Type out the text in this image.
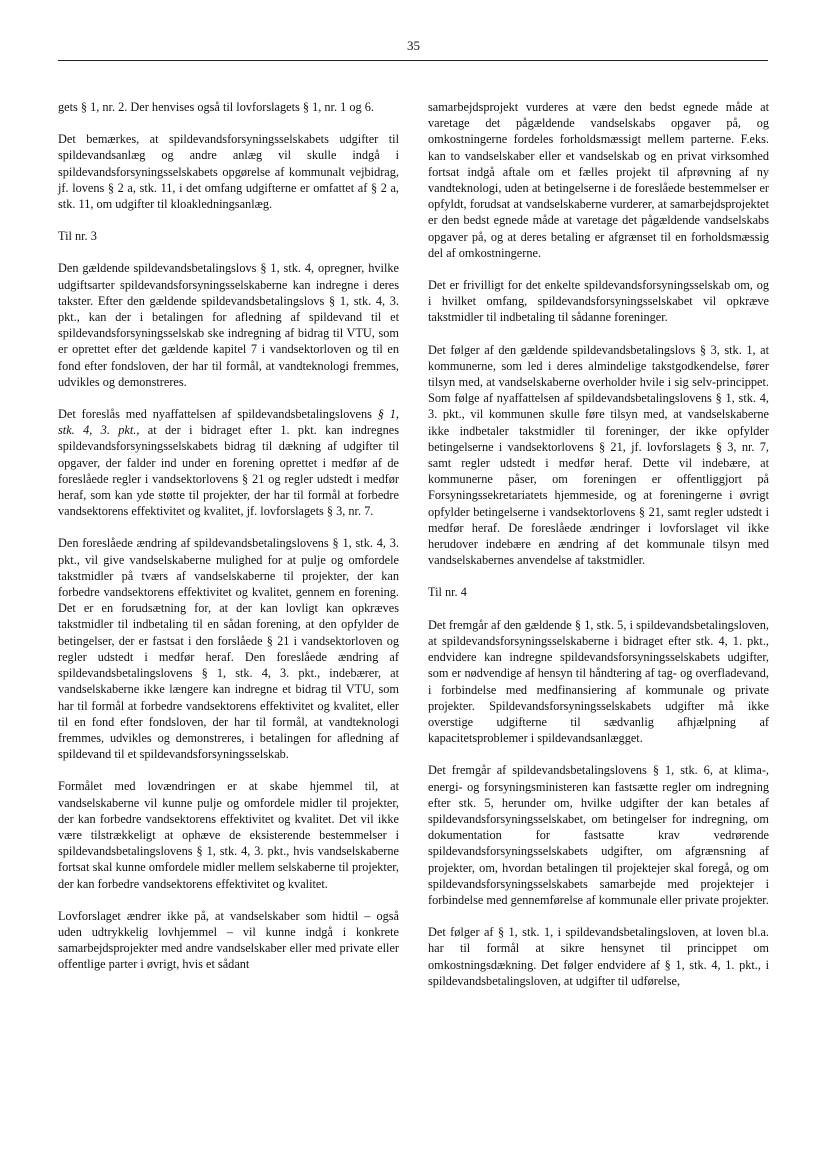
35

gets § 1, nr. 2. Der henvises også til lovforslagets § 1, nr. 1 og 6.

Det bemærkes, at spildevandsforsyningsselskabets udgifter til spildevandsanlæg og andre anlæg vil skulle indgå i spildevandsforsyningsselskabets opgørelse af kommunalt vejbidrag, jf. lovens § 2 a, stk. 11, i det omfang udgifterne er omfattet af § 2 a, stk. 11, om udgifter til kloakledningsanlæg.

Til nr. 3

Den gældende spildevandsbetalingslovs § 1, stk. 4, opregner, hvilke udgiftsarter spildevandsforsyningsselskaberne kan indregne i deres takster. Efter den gældende spildevandsbetalingslovs § 1, stk. 4, 3. pkt., kan der i betalingen for afledning af spildevand til et spildevandsforsyningsselskab ske indregning af bidrag til VTU, som er oprettet efter det gældende kapitel 7 i vandsektorloven og til en fond efter fondsloven, der har til formål, at vandteknologi fremmes, udvikles og demonstreres.

Det foreslås med nyaffattelsen af spildevandsbetalingslovens § 1, stk. 4, 3. pkt., at der i bidraget efter 1. pkt. kan indregnes spildevandsforsyningsselskabets bidrag til dækning af udgifter til opgaver, der falder ind under en forening oprettet i medfør af de foreslåede regler i vandsektorlovens § 21 og regler udstedt i medfør heraf, som kan yde støtte til projekter, der har til formål at forbedre vandsektorens effektivitet og kvalitet, jf. lovforslagets § 3, nr. 7.

Den foreslåede ændring af spildevandsbetalingslovens § 1, stk. 4, 3. pkt., vil give vandselskaberne mulighed for at pulje og omfordele takstmidler på tværs af vandselskaberne til projekter, der kan forbedre vandsektorens effektivitet og kvalitet, gennem en forening. Det er en forudsætning for, at der kan lovligt kan opkræves takstmidler til indbetaling til en sådan forening, at den opfylder de betingelser, der er fastsat i den forslåede § 21 i vandsektorloven og regler udstedt i medfør heraf. Den foreslåede ændring af spildevandsbetalingslovens § 1, stk. 4, 3. pkt., indebærer, at vandselskaberne ikke længere kan indregne et bidrag til VTU, som har til formål at forbedre vandsektorens effektivitet og kvalitet, eller til en fond efter fondsloven, der har til formål, at vandteknologi fremmes, udvikles og demonstreres, i betalingen for afledning af spildevand til et spildevandsforsyningsselskab.

Formålet med lovændringen er at skabe hjemmel til, at vandselskaberne vil kunne pulje og omfordele midler til projekter, der kan forbedre vandsektorens effektivitet og kvalitet. Det vil ikke være tilstrækkeligt at ophæve de eksisterende bestemmelser i spildevandsbetalingslovens § 1, stk. 4, 3. pkt., hvis vandselskaberne fortsat skal kunne omfordele midler mellem selskaberne til projekter, der kan forbedre vandsektorens effektivitet og kvalitet.

Lovforslaget ændrer ikke på, at vandselskaber som hidtil – også uden udtrykkelig lovhjemmel – vil kunne indgå i konkrete samarbejdsprojekter med andre vandselskaber eller med private eller offentlige parter i øvrigt, hvis et sådant

samarbejdsprojekt vurderes at være den bedst egnede måde at varetage det pågældende vandselskabs opgaver på, og omkostningerne fordeles forholdsmæssigt mellem parterne. F.eks. kan to vandselskaber eller et vandselskab og en privat virksomhed fortsat indgå aftale om et fælles projekt til afprøvning af ny vandteknologi, uden at betingelserne i de foreslåede bestemmelser er opfyldt, forudsat at vandselskaberne vurderer, at samarbejdsprojektet er den bedst egnede måde at varetage det pågældende vandselskabs opgaver på, og at deres betaling er afgrænset til en forholdsmæssig del af omkostningerne.

Det er frivilligt for det enkelte spildevandsforsyningsselskab om, og i hvilket omfang, spildevandsforsyningsselskabet vil opkræve takstmidler til indbetaling til sådanne foreninger.

Det følger af den gældende spildevandsbetalingslovs § 3, stk. 1, at kommunerne, som led i deres almindelige takstgodkendelse, fører tilsyn med, at vandselskaberne overholder hvile i sig selv-princippet. Som følge af nyaffattelsen af spildevandsbetalingslovens § 1, stk. 4, 3. pkt., vil kommunen skulle føre tilsyn med, at vandselskaberne ikke indbetaler takstmidler til foreninger, der ikke opfylder betingelserne i vandsektorlovens § 21, jf. lovforslagets § 3, nr. 7, samt regler udstedt i medfør heraf. Dette vil indebære, at kommunerne påser, om foreningen er offentliggjort på Forsyningssekretariatets hjemmeside, og at foreningerne i øvrigt opfylder betingelserne i vandsektorlovens § 21, samt regler udstedt i medfør heraf. De foreslåede ændringer i lovforslaget vil ikke herudover indebære en ændring af det kommunale tilsyn med vandselskabernes anvendelse af takstmidler.

Til nr. 4

Det fremgår af den gældende § 1, stk. 5, i spildevandsbetalingsloven, at spildevandsforsyningsselskaberne i bidraget efter stk. 4, 1. pkt., endvidere kan indregne spildevandsforsyningsselskabets udgifter, som er nødvendige af hensyn til håndtering af tag- og overfladevand, i forbindelse med medfinansiering af kommunale og private projekter. Spildevandsforsyningsselskabets udgifter må ikke overstige udgifterne til sædvanlig afhjælpning af kapacitetsproblemer i spildevandsanlægget.

Det fremgår af spildevandsbetalingslovens § 1, stk. 6, at klima-, energi- og forsyningsministeren kan fastsætte regler om indregning efter stk. 5, herunder om, hvilke udgifter der kan betales af spildevandsforsyningsselskabet, om betingelser for indregning, om dokumentation for fastsatte krav vedrørende spildevandsforsyningsselskabets udgifter, om afgrænsning af projekter, om, hvordan betalingen til projektejer skal foregå, og om spildevandsforsyningsselskabets samarbejde med projektejer i forbindelse med gennemførelse af kommunale eller private projekter.

Det følger af § 1, stk. 1, i spildevandsbetalingsloven, at loven bl.a. har til formål at sikre hensynet til princippet om omkostningsdækning. Det følger endvidere af § 1, stk. 4, 1. pkt., i spildevandsbetalingsloven, at udgifter til udførelse,
